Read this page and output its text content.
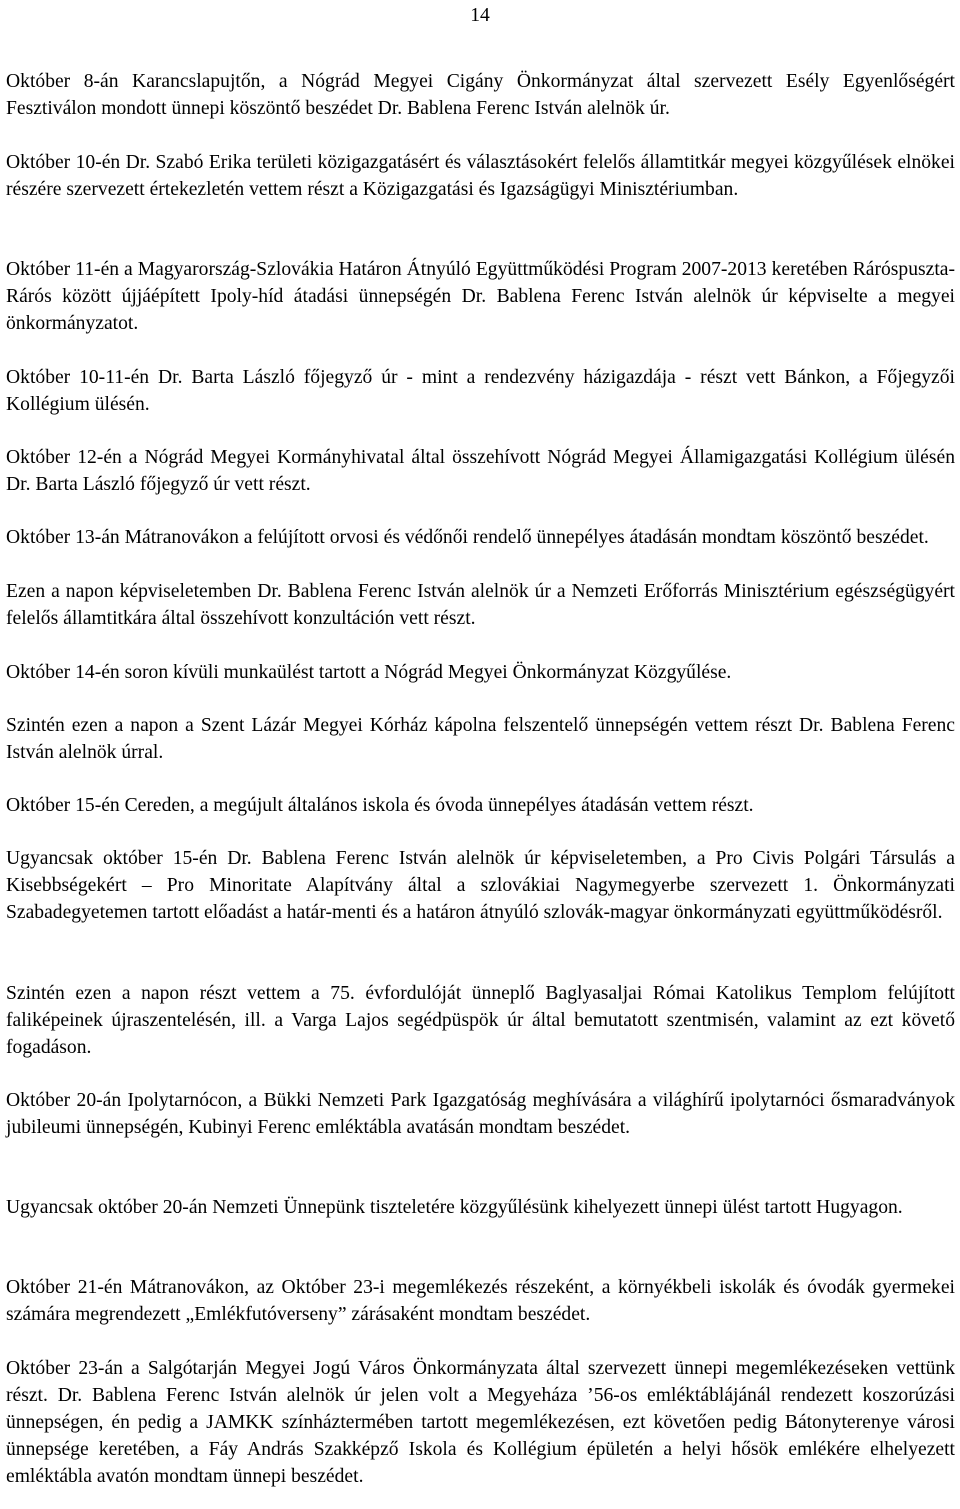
14

Október 8-án Karancslapujtőn, a Nógrád Megyei Cigány Önkormányzat által szervezett Esély Egyenlőségért Fesztiválon mondott ünnepi köszöntő beszédet Dr. Bablena Ferenc István alelnök úr.

Október 10-én Dr. Szabó Erika területi közigazgatásért és választásokért felelős államtitkár megyei közgyűlések elnökei részére szervezett értekezletén vettem részt a Közigazgatási és Igazságügyi Minisztériumban.

Október 11-én a Magyarország-Szlovákia Határon Átnyúló Együttműködési Program 2007-2013 keretében Ráróspuszta-Rárós között újjáépített Ipoly-híd átadási ünnepségén Dr. Bablena Ferenc István alelnök úr képviselte a megyei önkormányzatot.

Október 10-11-én Dr. Barta László főjegyző úr - mint a rendezvény házigazdája - részt vett Bánkon, a Főjegyzői Kollégium ülésén.

Október 12-én a Nógrád Megyei Kormányhivatal által összehívott Nógrád Megyei Államigazgatási Kollégium ülésén Dr. Barta László főjegyző úr vett részt.

Október 13-án Mátranovákon a felújított orvosi és védőnői rendelő ünnepélyes átadásán mondtam köszöntő beszédet.

Ezen a napon képviseletemben Dr. Bablena Ferenc István alelnök úr a Nemzeti Erőforrás Minisztérium egészségügyért felelős államtitkára által összehívott konzultáción vett részt.

Október 14-én soron kívüli munkaülést tartott a Nógrád Megyei Önkormányzat Közgyűlése.

Szintén ezen a napon a Szent Lázár Megyei Kórház kápolna felszentelő ünnepségén vettem részt Dr. Bablena Ferenc István alelnök úrral.

Október 15-én Cereden, a megújult általános iskola és óvoda ünnepélyes átadásán vettem részt.

Ugyancsak október 15-én Dr. Bablena Ferenc István alelnök úr képviseletemben, a Pro Civis Polgári Társulás a Kisebbségekért – Pro Minoritate Alapítvány által a szlovákiai Nagymegyerbe szervezett 1. Önkormányzati Szabadegyetemen tartott előadást a határ-menti és a határon átnyúló szlovák-magyar önkormányzati együttműködésről.

Szintén ezen a napon részt vettem a 75. évfordulóját ünneplő Baglyasaljai Római Katolikus Templom felújított faliképeinek újraszentelésén, ill. a Varga Lajos segédpüspök úr által bemutatott szentmisén, valamint az ezt követő fogadáson.

Október 20-án Ipolytarnócon, a Bükki Nemzeti Park Igazgatóság meghívására a világhírű ipolytarnóci ősmaradványok jubileumi ünnepségén, Kubinyi Ferenc emléktábla avatásán mondtam beszédet.

Ugyancsak október 20-án Nemzeti Ünnepünk tiszteletére közgyűlésünk kihelyezett ünnepi ülést tartott Hugyagon.

Október 21-én Mátranovákon, az Október 23-i megemlékezés részeként, a környékbeli iskolák és óvodák gyermekei számára megrendezett „Emlékfutóverseny” zárásaként mondtam beszédet.

Október 23-án a Salgótarján Megyei Jogú Város Önkormányzata által szervezett ünnepi megemlékezéseken vettünk részt. Dr. Bablena Ferenc István alelnök úr jelen volt a Megyeháza ’56-os emléktáblájánál rendezett koszorúzási ünnepségen, én pedig a JAMKK színháztermében tartott megemlékezésen, ezt követően pedig Bátonyterenye városi ünnepsége keretében, a Fáy András Szakképző Iskola és Kollégium épületén a helyi hősök emlékére elhelyezett emléktábla avatón mondtam ünnepi beszédet.
